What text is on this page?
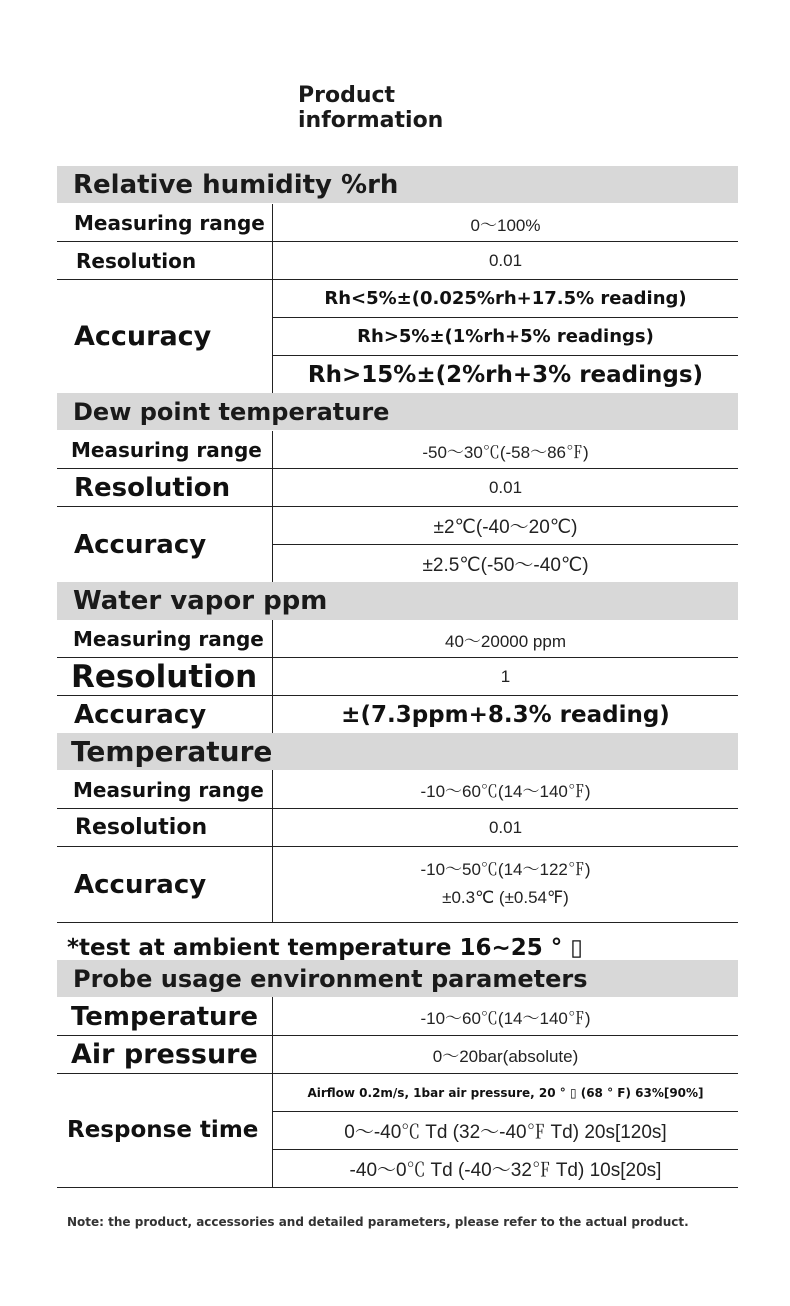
Product
information
Relative humidity %rh
Measuring range	0～100%
Resolution	0.01
Accuracy
Rh<5%±(0.025%rh+17.5% reading)
Rh>5%±(1%rh+5% readings)
Rh>15%±(2%rh+3% readings)
Dew point temperature
Measuring range	-50～30℃(-58～86℉)
Resolution	0.01
Accuracy
±2℃(-40～20℃)
±2.5℃(-50～-40℃)
Water vapor ppm
Measuring range	40～20000 ppm
Resolution	1
Accuracy	±(7.3ppm+8.3% reading)
Temperature
Measuring range	-10～60℃(14～140℉)
Resolution	0.01
Accuracy	-10～50℃(14～122℉)
±0.3℃ (±0.54℉)
*test at ambient temperature 16~25 ° ▯
Probe usage environment parameters
Temperature	-10～60℃(14～140℉)
Air pressure	0～20bar(absolute)
Response time
Airflow 0.2m/s, 1bar air pressure, 20 ° ▯ (68 ° F) 63%[90%]
0～-40℃ Td (32～-40℉ Td) 20s[120s]
-40～0℃ Td (-40～32℉ Td) 10s[20s]
Note: the product, accessories and detailed parameters, please refer to the actual product.
